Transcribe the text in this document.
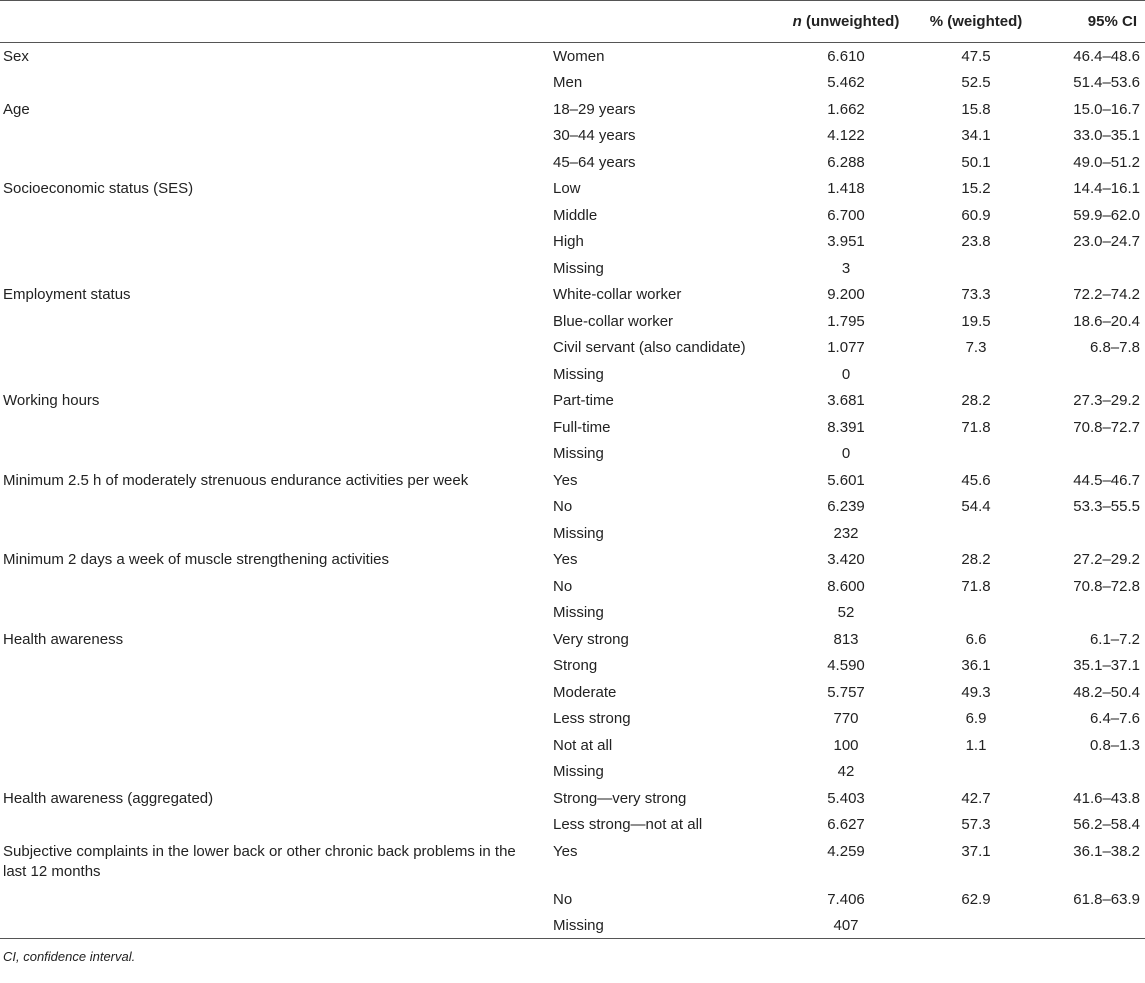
		n (unweighted)	% (weighted)	95% CI
Sex	Women	6.610	47.5	46.4–48.6
	Men	5.462	52.5	51.4–53.6
Age	18–29 years	1.662	15.8	15.0–16.7
	30–44 years	4.122	34.1	33.0–35.1
	45–64 years	6.288	50.1	49.0–51.2
Socioeconomic status (SES)	Low	1.418	15.2	14.4–16.1
	Middle	6.700	60.9	59.9–62.0
	High	3.951	23.8	23.0–24.7
	Missing	3		
Employment status	White-collar worker	9.200	73.3	72.2–74.2
	Blue-collar worker	1.795	19.5	18.6–20.4
	Civil servant (also candidate)	1.077	7.3	6.8–7.8
	Missing	0		
Working hours	Part-time	3.681	28.2	27.3–29.2
	Full-time	8.391	71.8	70.8–72.7
	Missing	0		
Minimum 2.5 h of moderately strenuous endurance activities per week	Yes	5.601	45.6	44.5–46.7
	No	6.239	54.4	53.3–55.5
	Missing	232		
Minimum 2 days a week of muscle strengthening activities	Yes	3.420	28.2	27.2–29.2
	No	8.600	71.8	70.8–72.8
	Missing	52		
Health awareness	Very strong	813	6.6	6.1–7.2
	Strong	4.590	36.1	35.1–37.1
	Moderate	5.757	49.3	48.2–50.4
	Less strong	770	6.9	6.4–7.6
	Not at all	100	1.1	0.8–1.3
	Missing	42		
Health awareness (aggregated)	Strong—very strong	5.403	42.7	41.6–43.8
	Less strong—not at all	6.627	57.3	56.2–58.4
Subjective complaints in the lower back or other chronic back problems in the last 12 months	Yes	4.259	37.1	36.1–38.2
	No	7.406	62.9	61.8–63.9
	Missing	407		
CI, confidence interval.
